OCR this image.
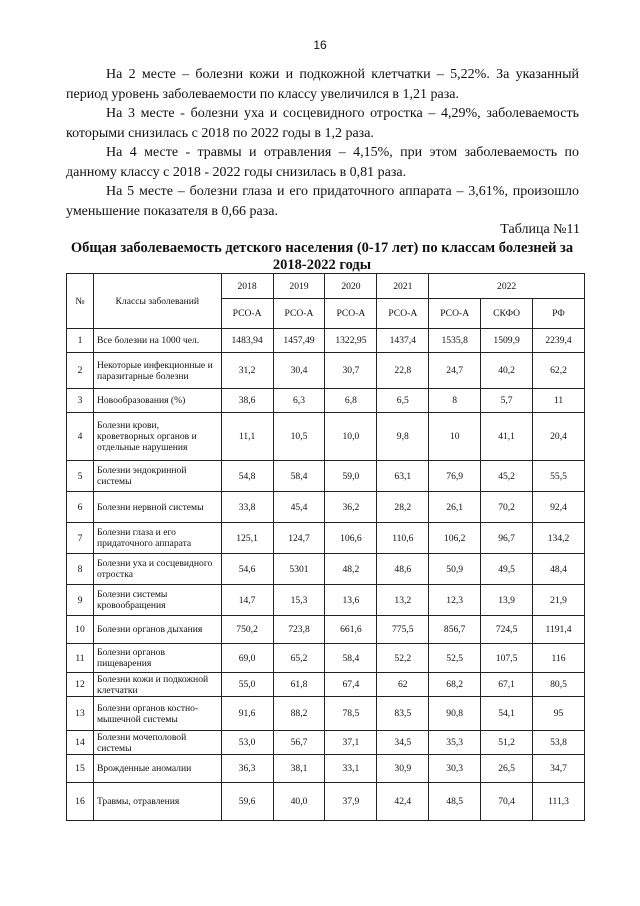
16

На 2 месте – болезни кожи и подкожной клетчатки – 5,22%. За указанный период уровень заболеваемости по классу увеличился в 1,21 раза.

На 3 месте - болезни уха и сосцевидного отростка – 4,29%, заболеваемость которыми снизилась с 2018 по 2022 годы в 1,2 раза.

На 4 месте - травмы и отравления – 4,15%, при этом заболеваемость по данному классу с 2018 - 2022 годы снизилась в 0,81 раза.

На 5 месте – болезни глаза и его придаточного аппарата – 3,61%, произошло уменьшение показателя в 0,66 раза.

Таблица №11
Общая заболеваемость детского населения (0-17 лет) по классам болезней за 2018-2022 годы
№	Классы заболеваний	2018	2019	2020	2021	2022		
		РСО-А	РСО-А	РСО-А	РСО-А	РСО-А	СКФО	РФ
1	Все болезни на 1000 чел.	1483,94	1457,49	1322,95	1437,4	1535,8	1509,9	2239,4
2	Некоторые инфекционные и паразитарные болезни	31,2	30,4	30,7	22,8	24,7	40,2	62,2
3	Новообразования (%)	38,6	6,3	6,8	6,5	8	5,7	11
4	Болезни крови, кроветворных органов и отдельные нарушения	11,1	10,5	10,0	9,8	10	41,1	20,4
5	Болезни эндокринной системы	54,8	58,4	59,0	63,1	76,9	45,2	55,5
6	Болезни нервной системы	33,8	45,4	36,2	28,2	26,1	70,2	92,4
7	Болезни глаза и его придаточного аппарата	125,1	124,7	106,6	110,6	106,2	96,7	134,2
8	Болезни уха и сосцевидного отростка	54,6	5301	48,2	48,6	50,9	49,5	48,4
9	Болезни системы кровообращения	14,7	15,3	13,6	13,2	12,3	13,9	21,9
10	Болезни органов дыхания	750,2	723,8	661,6	775,5	856,7	724,5	1191,4
11	Болезни органов пищеварения	69,0	65,2	58,4	52,2	52,5	107,5	116
12	Болезни кожи и подкожной клетчатки	55,0	61,8	67,4	62	68,2	67,1	80,5
13	Болезни органов костно-мышечной системы	91,6	88,2	78,5	83,5	90,8	54,1	95
14	Болезни мочеполовой системы	53,0	56,7	37,1	34,5	35,3	51,2	53,8
15	Врожденные аномалии	36,3	38,1	33,1	30,9	30,3	26,5	34,7
16	Травмы, отравления	59,6	40,0	37,9	42,4	48,5	70,4	111,3
